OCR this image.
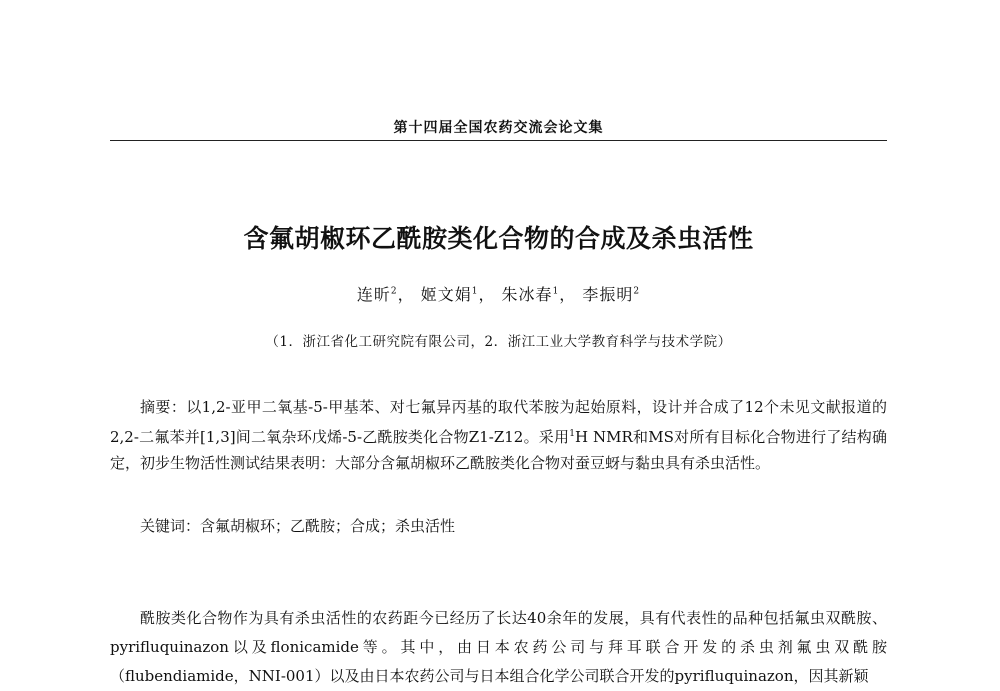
第十四届全国农药交流会论文集
含氟胡椒环乙酰胺类化合物的合成及杀虫活性
连昕$^2$， 姬文娟$^1$， 朱冰春$^1$， 李振明$^2$
（1．浙江省化工研究院有限公司，2．浙江工业大学教育科学与技术学院）
摘要：以1,2-亚甲二氧基-5-甲基苯、对七氟异丙基的取代苯胺为起始原料，设计并合成了12个未见文献报道的2,2-二氟苯并[1,3]间二氧杂环戊烯-5-乙酰胺类化合物Z1-Z12。采用$^1$H NMR和MS对所有目标化合物进行了结构确定，初步生物活性测试结果表明：大部分含氟胡椒环乙酰胺类化合物对蚕豆蚜与黏虫具有杀虫活性。
关键词：含氟胡椒环；乙酰胺；合成；杀虫活性
酰胺类化合物作为具有杀虫活性的农药距今已经历了长达40余年的发展，具有代表性的品种包括氟虫双酰胺、pyrifluquinazon以及flonicamide等。其中，由日本农药公司与拜耳联合开发的杀虫剂氟虫双酰胺（flubendiamide，NNI-001）以及由日本农药公司与日本组合化学公司联合开发的pyrifluquinazon，因其新颖
